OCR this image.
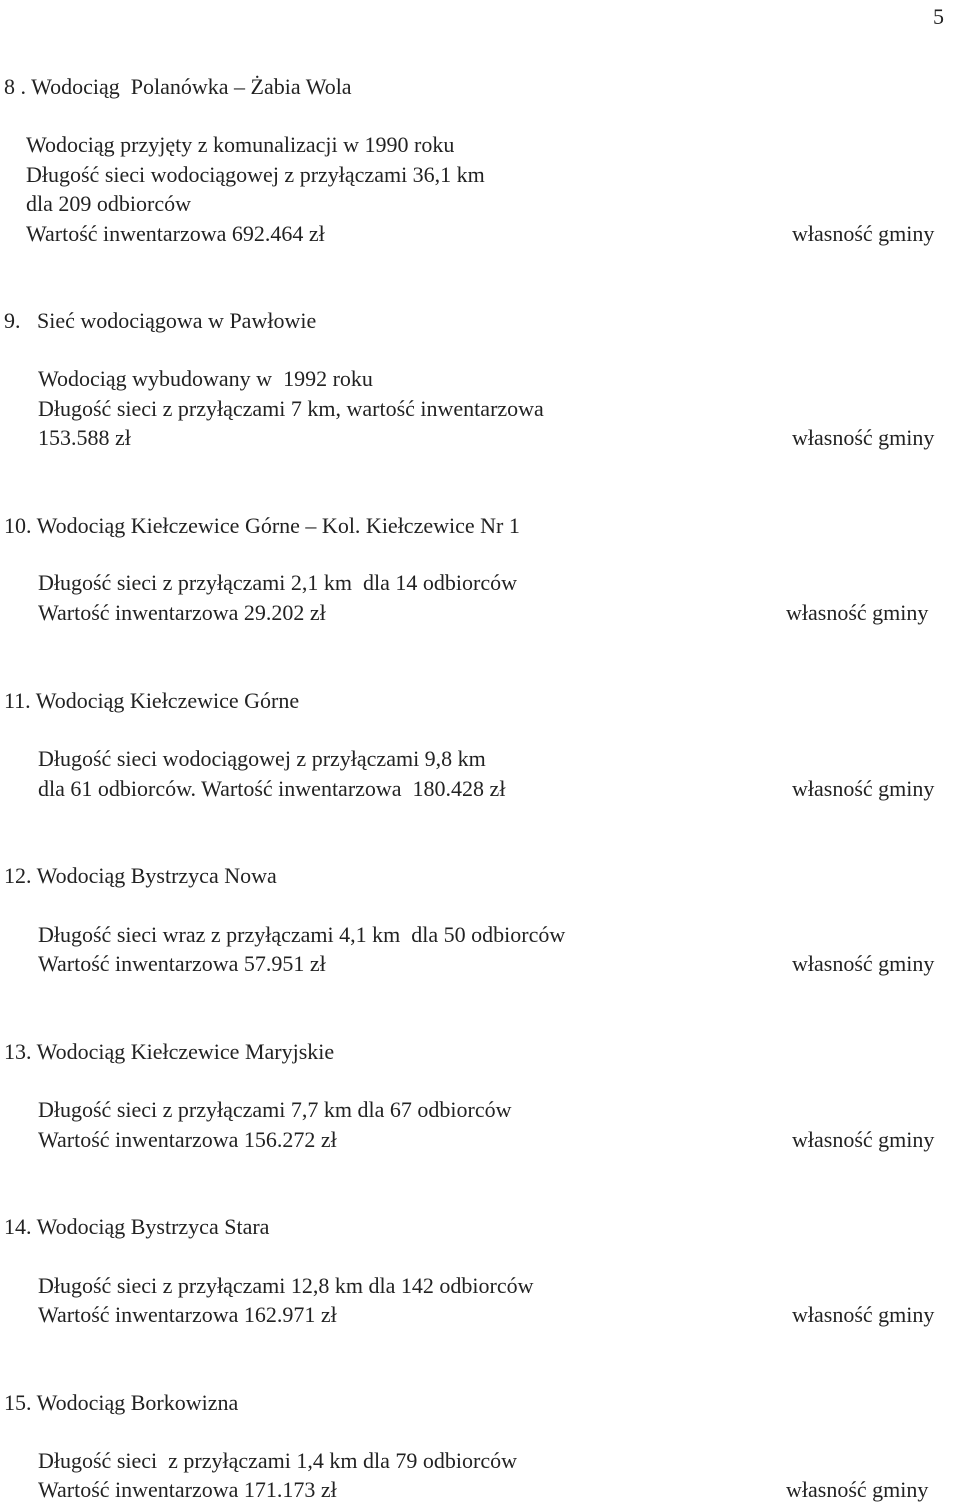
5
8 . Wodociąg  Polanówka – Żabia Wola
Wodociąg przyjęty z komunalizacji w 1990 roku
Długość sieci wodociągowej z przyłączami 36,1 km
dla 209 odbiorców
Wartość inwentarzowa 692.464 zł	własność gminy
9.   Sieć wodociągowa w Pawłowie
Wodociąg wybudowany w  1992 roku
Długość sieci z przyłączami 7 km, wartość inwentarzowa
153.588 zł	własność gminy
10. Wodociąg Kiełczewice Górne – Kol. Kiełczewice Nr 1
Długość sieci z przyłączami 2,1 km  dla 14 odbiorców
Wartość inwentarzowa 29.202 zł	własność gminy
11. Wodociąg Kiełczewice Górne
Długość sieci wodociągowej z przyłączami 9,8 km
dla 61 odbiorców. Wartość inwentarzowa  180.428 zł	własność gminy
12. Wodociąg Bystrzyca Nowa
Długość sieci wraz z przyłączami 4,1 km  dla 50 odbiorców
Wartość inwentarzowa 57.951 zł	własność gminy
13. Wodociąg Kiełczewice Maryjskie
Długość sieci z przyłączami 7,7 km dla 67 odbiorców
Wartość inwentarzowa 156.272 zł	własność gminy
14. Wodociąg Bystrzyca Stara
Długość sieci z przyłączami 12,8 km dla 142 odbiorców
Wartość inwentarzowa 162.971 zł	własność gminy
15. Wodociąg Borkowizna
Długość sieci  z przyłączami 1,4 km dla 79 odbiorców
Wartość inwentarzowa 171.173 zł	własność gminy
